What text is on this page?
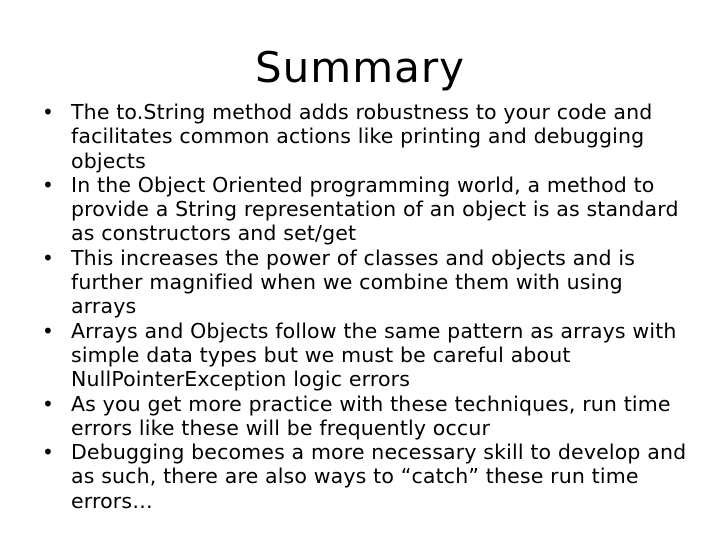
Summary
• The to.String method adds robustness to your code and facilitates common actions like printing and debugging objects
• In the Object Oriented programming world, a method to provide a String representation of an object is as standard as constructors and set/get
• This increases the power of classes and objects and is further magnified when we combine them with using arrays
• Arrays and Objects follow the same pattern as arrays with simple data types but we must be careful about NullPointerException logic errors
• As you get more practice with these techniques, run time errors like these will be frequently occur
• Debugging becomes a more necessary skill to develop and as such, there are also ways to “catch” these run time errors…
